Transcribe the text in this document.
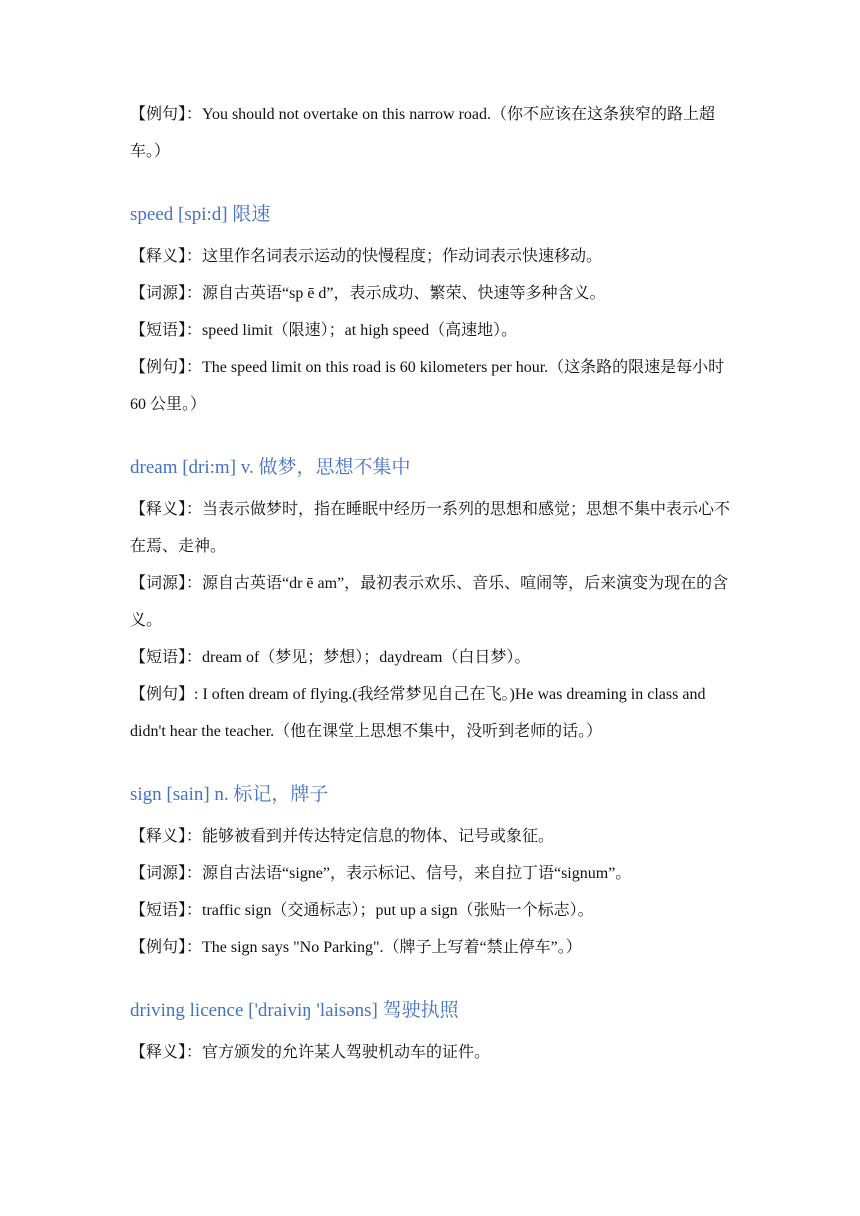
【例句】：You should not overtake on this narrow road.（你不应该在这条狭窄的路上超车。）

speed [spi:d] 限速

【释义】：这里作名词表示运动的快慢程度；作动词表示快速移动。

【词源】：源自古英语“sp ē d”，表示成功、繁荣、快速等多种含义。

【短语】：speed limit（限速）；at high speed（高速地）。

【例句】：The speed limit on this road is 60 kilometers per hour.（这条路的限速是每小时 60 公里。）

dream [dri:m] v. 做梦，思想不集中

【释义】：当表示做梦时，指在睡眠中经历一系列的思想和感觉；思想不集中表示心不在焉、走神。

【词源】：源自古英语“dr ē am”，最初表示欢乐、音乐、喧闹等，后来演变为现在的含义。

【短语】：dream of（梦见；梦想）；daydream（白日梦）。

【例句】: I often dream of flying.(我经常梦见自己在飞。)He was dreaming in class and didn't hear the teacher.（他在课堂上思想不集中，没听到老师的话。）

sign [sain] n. 标记，牌子

【释义】：能够被看到并传达特定信息的物体、记号或象征。

【词源】：源自古法语“signe”，表示标记、信号，来自拉丁语“signum”。

【短语】：traffic sign（交通标志）；put up a sign（张贴一个标志）。

【例句】：The sign says "No Parking".（牌子上写着“禁止停车”。）

driving licence ['draiviŋ 'laisəns] 驾驶执照

【释义】：官方颁发的允许某人驾驶机动车的证件。
